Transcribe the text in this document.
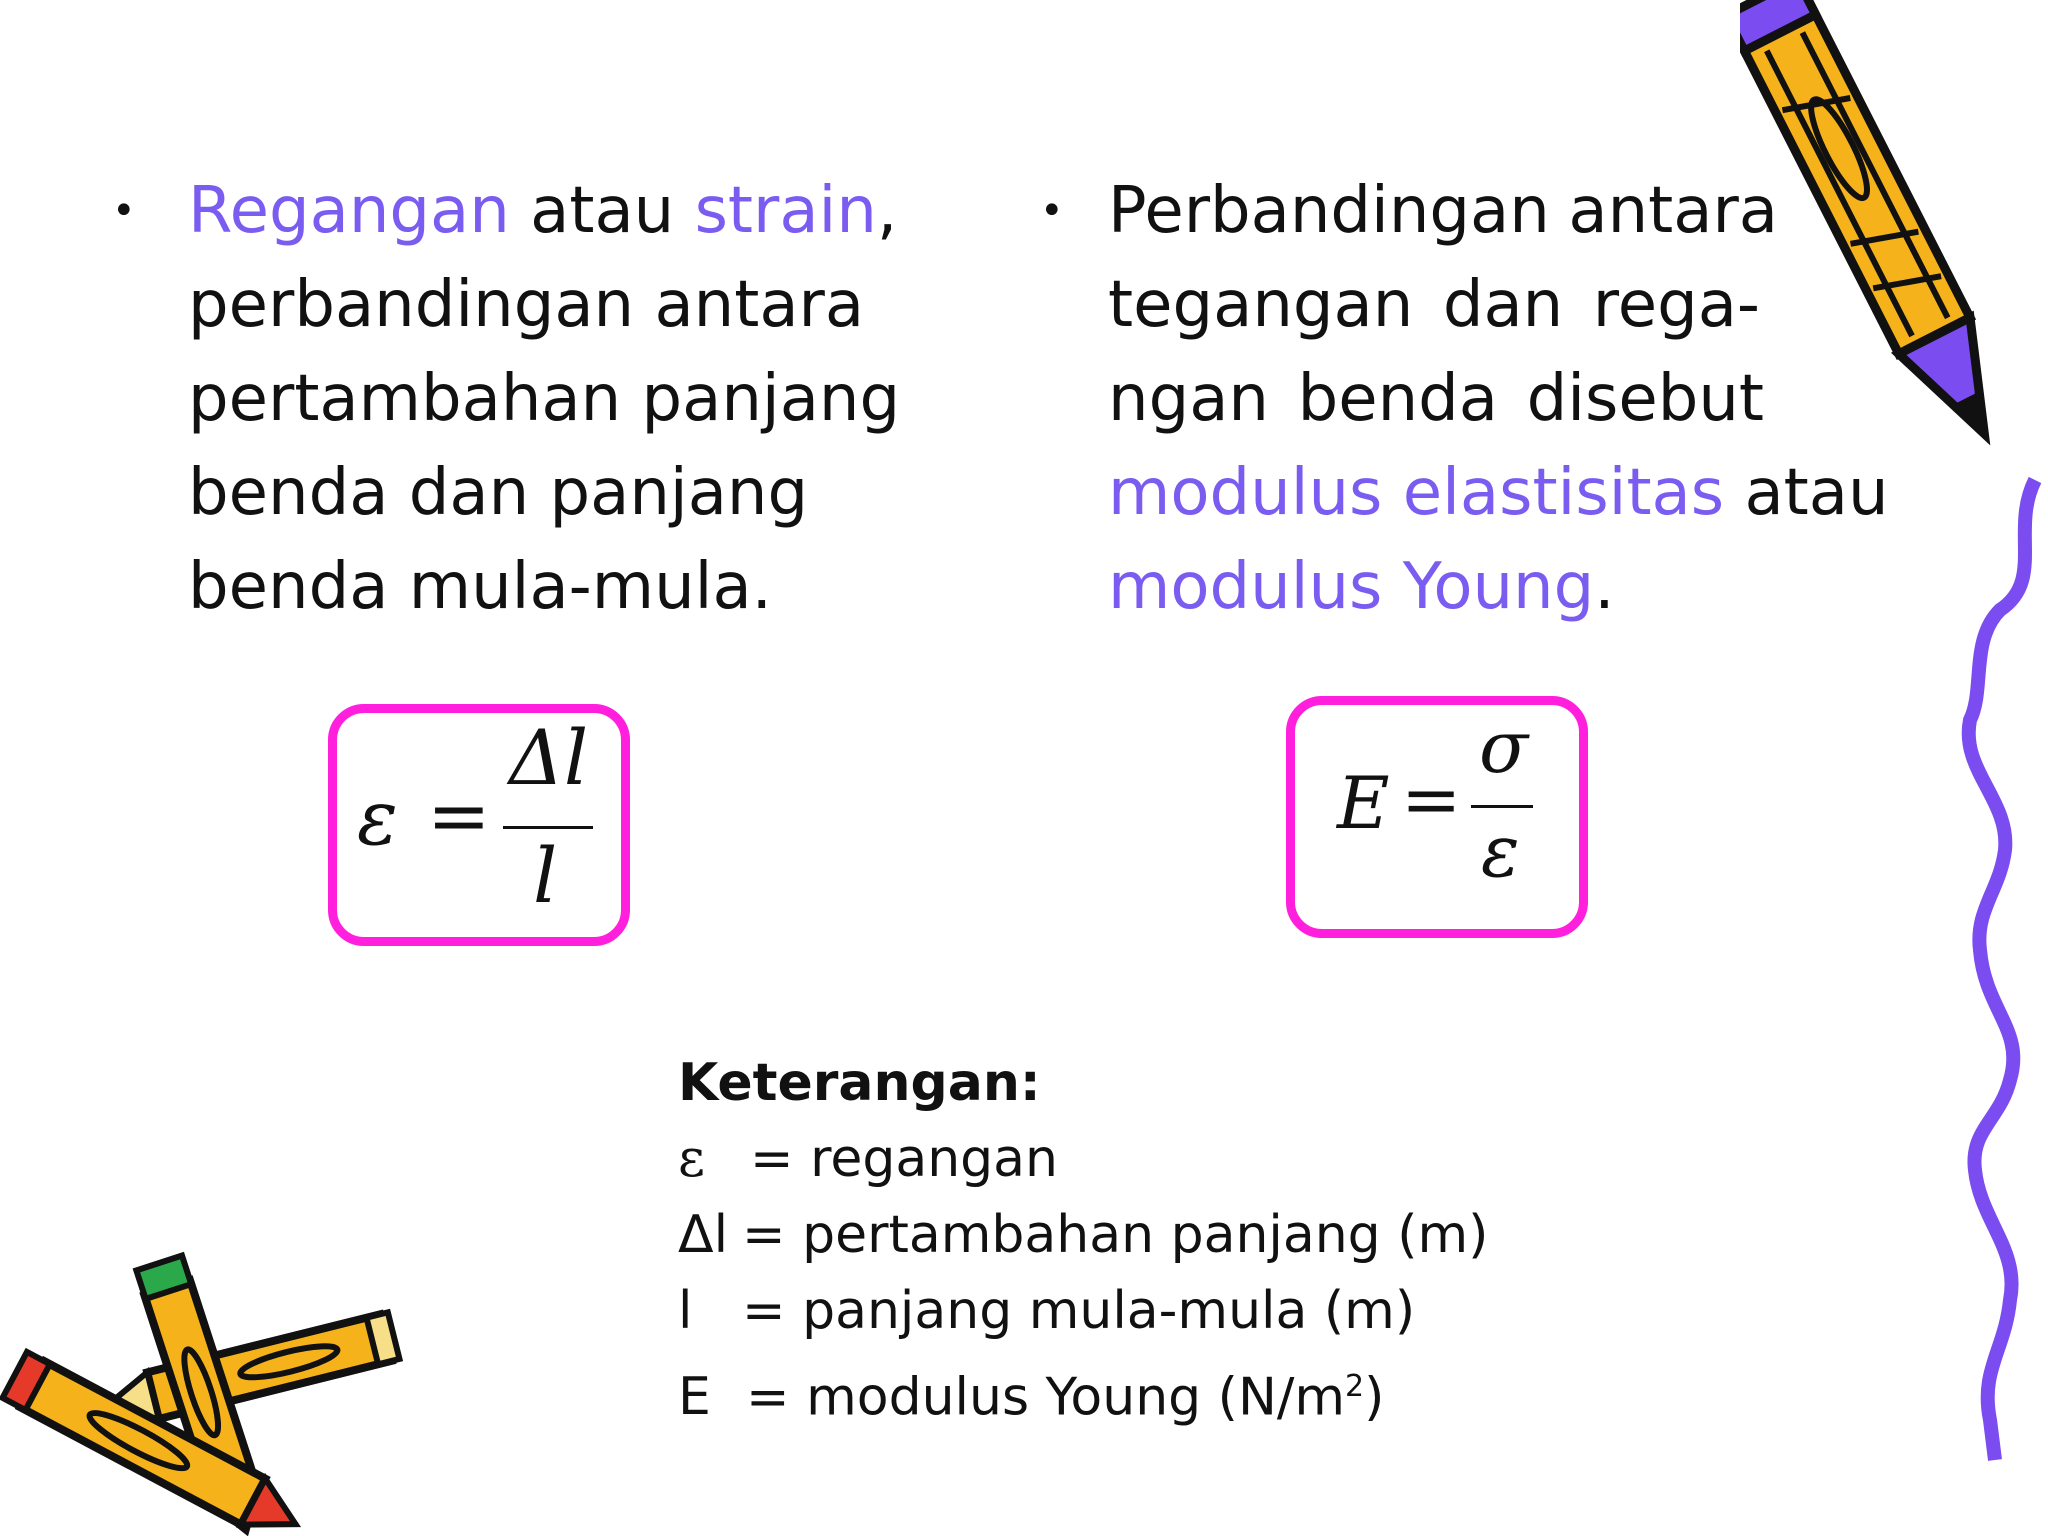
• Regangan atau strain,
perbandingan antara
pertambahan panjang
benda dan panjang
benda mula-mula.
• Perbandingan antara
tegangan dan rega-
ngan benda disebut
modulus elastisitas atau
modulus Young.
ε =
Δl
l
E =
σ
ε
Keterangan:
ε = regangan
Δl = pertambahan panjang (m)
l = panjang mula-mula (m)
E = modulus Young $(N/m^2)$
